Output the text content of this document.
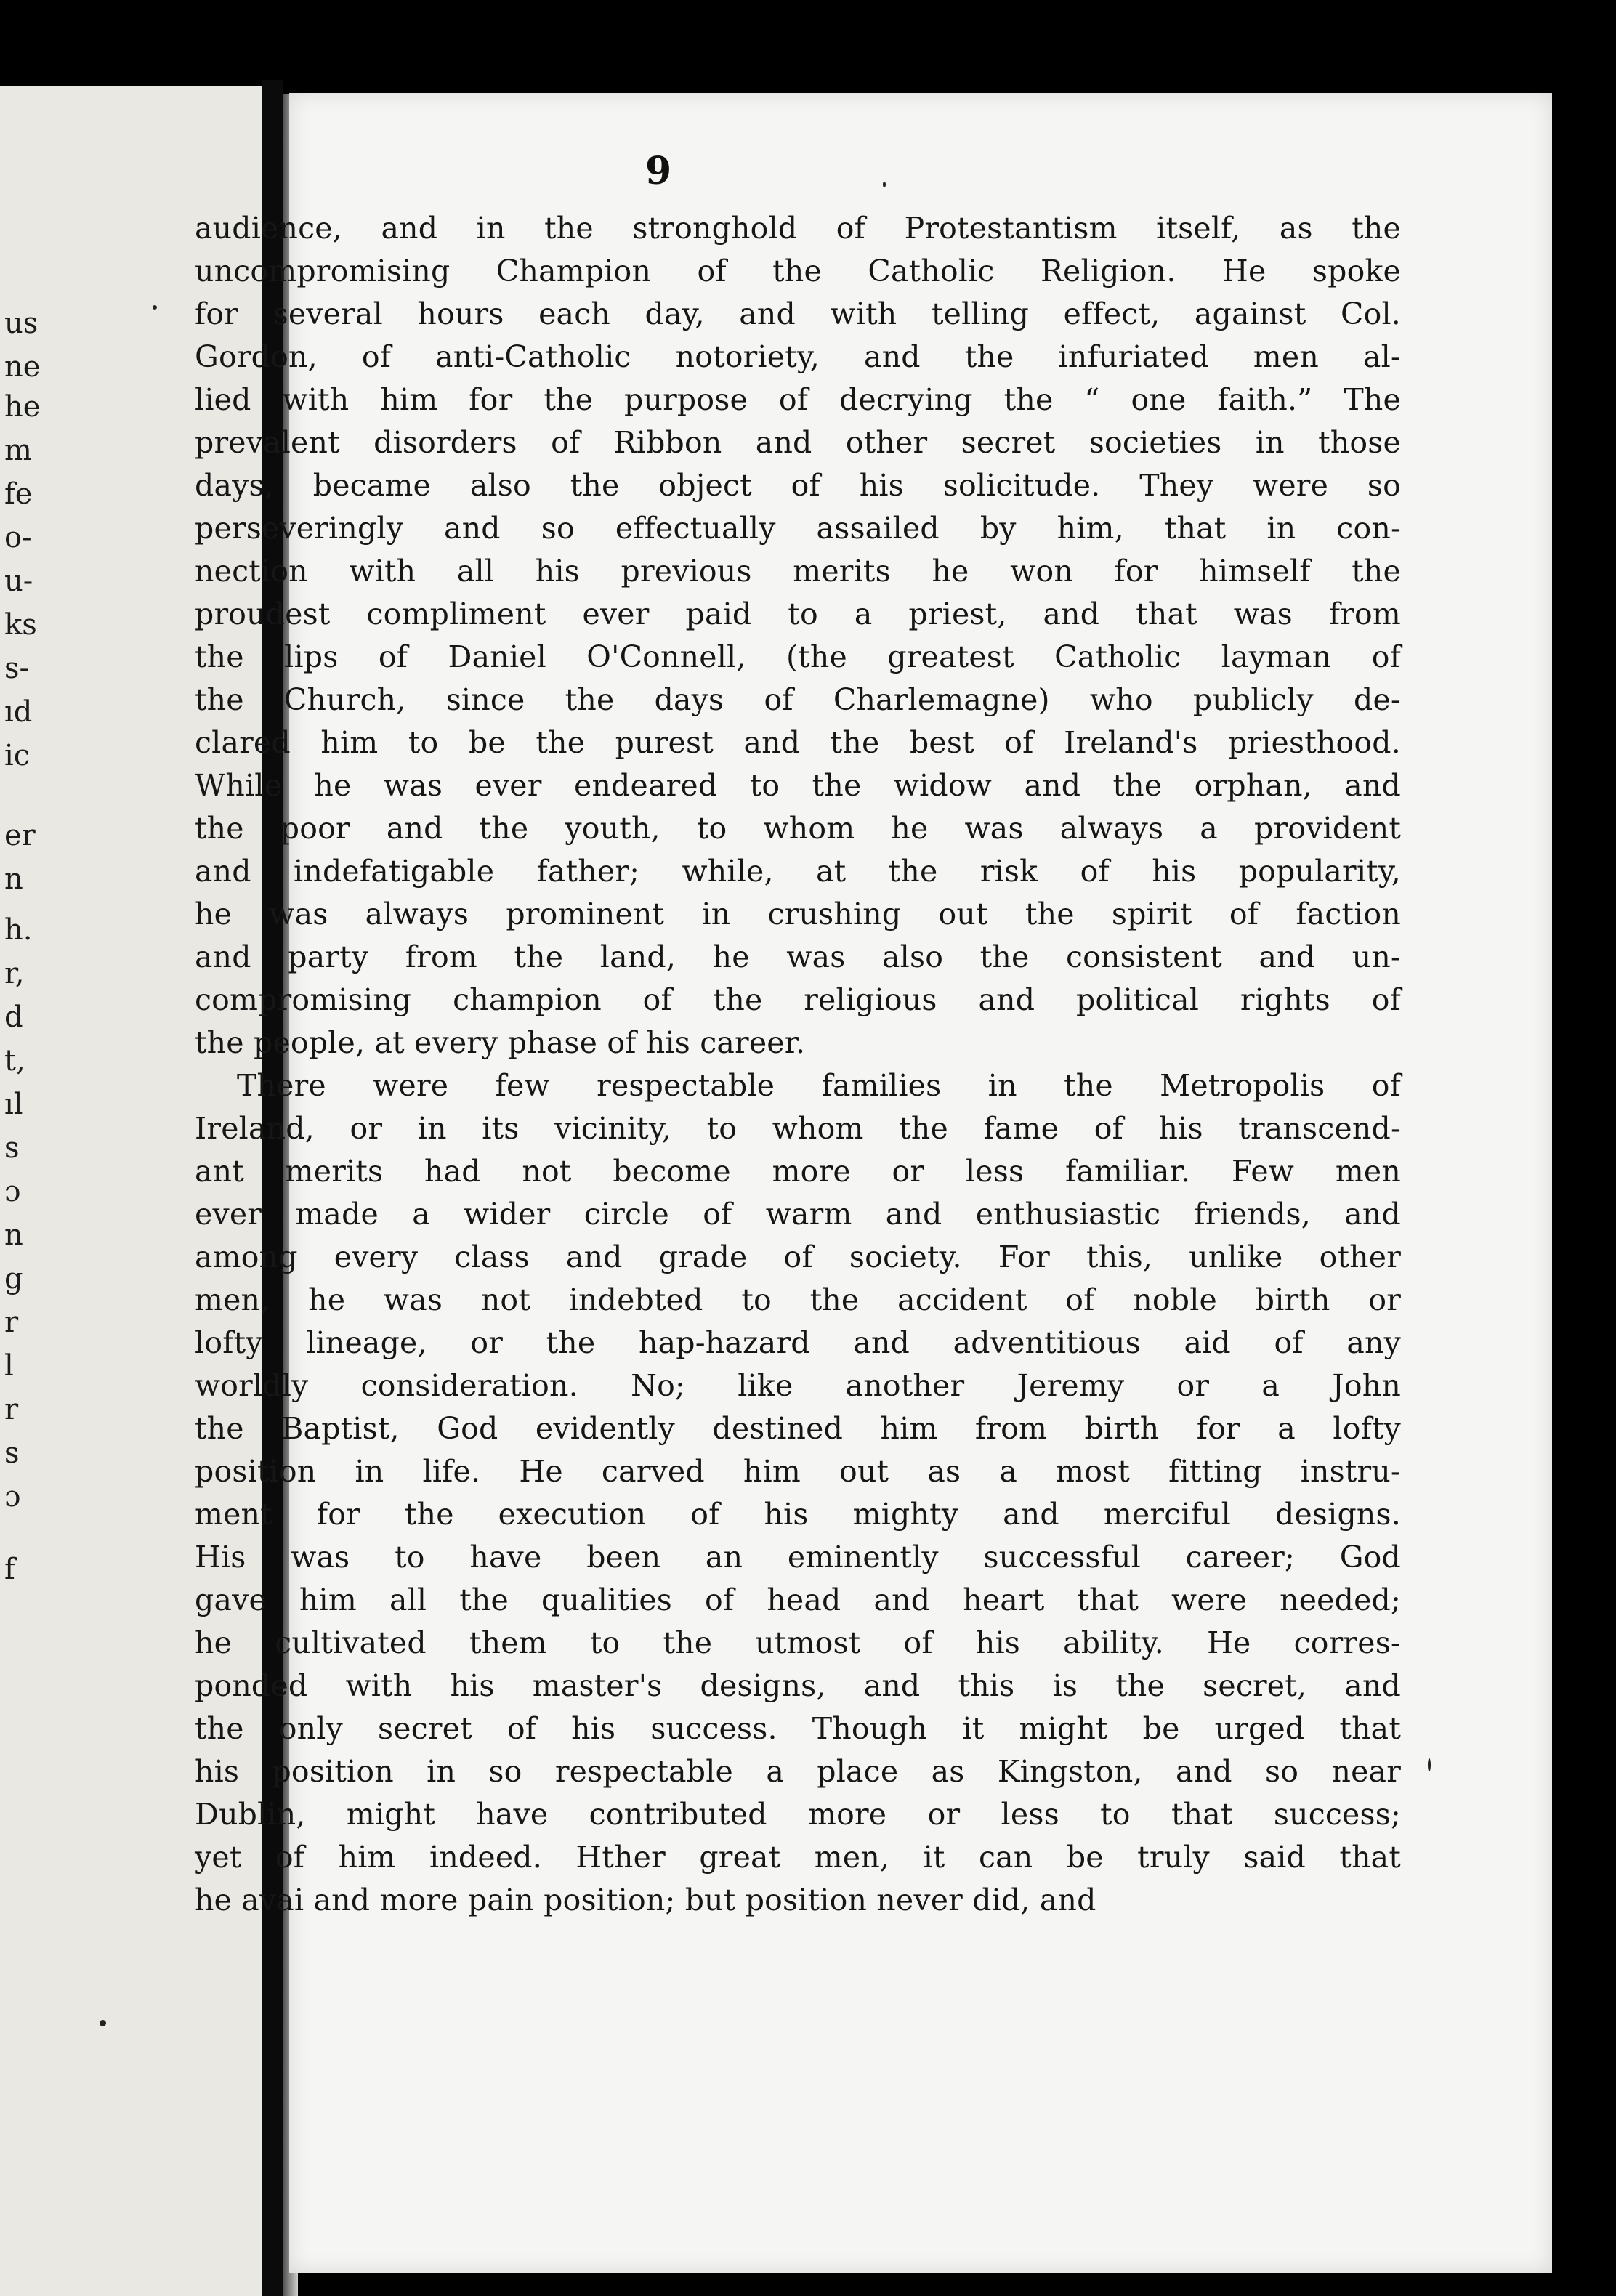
us
ne
he
m
fe
o-
u-
ks
s-
ıd
ic
er
n
h.
r,
d
t,
ıl
s
ɔ
n
g
r
l
r
s
ɔ
f
9
audience, and in the stronghold of Protestantism itself, as the
uncompromising Champion of the Catholic Religion. He spoke
for several hours each day, and with telling effect, against Col.
Gordon, of anti-Catholic notoriety, and the infuriated men al-
lied with him for the purpose of decrying the “ one faith.” The
prevalent disorders of Ribbon and other secret societies in those
days, became also the object of his solicitude. They were so
perseveringly and so effectually assailed by him, that in con-
nection with all his previous merits he won for himself the
proudest compliment ever paid to a priest, and that was from
the lips of Daniel O'Connell, (the greatest Catholic layman of
the Church, since the days of Charlemagne) who publicly de-
clared him to be the purest and the best of Ireland's priesthood.
While he was ever endeared to the widow and the orphan, and
the poor and the youth, to whom he was always a provident
and indefatigable father; while, at the risk of his popularity,
he was always prominent in crushing out the spirit of faction
and party from the land, he was also the consistent and un-
compromising champion of the religious and political rights of
the people, at every phase of his career.
There were few respectable families in the Metropolis of
Ireland, or in its vicinity, to whom the fame of his transcend-
ant merits had not become more or less familiar. Few men
ever made a wider circle of warm and enthusiastic friends, and
among every class and grade of society. For this, unlike other
men, he was not indebted to the accident of noble birth or
lofty lineage, or the hap-hazard and adventitious aid of any
worldly consideration. No; like another Jeremy or a John
the Baptist, God evidently destined him from birth for a lofty
position in life. He carved him out as a most fitting instru-
ment for the execution of his mighty and merciful designs.
His was to have been an eminently successful career; God
gave him all the qualities of head and heart that were needed;
he cultivated them to the utmost of his ability. He corres-
ponded with his master's designs, and this is the secret, and
the only secret of his success. Though it might be urged that
his position in so respectable a place as Kingston, and so near
Dublin, might have contributed more or less to that success;
yet of him indeed. Hther great men, it can be truly said that
he avai and more pain position; but position never did, and
